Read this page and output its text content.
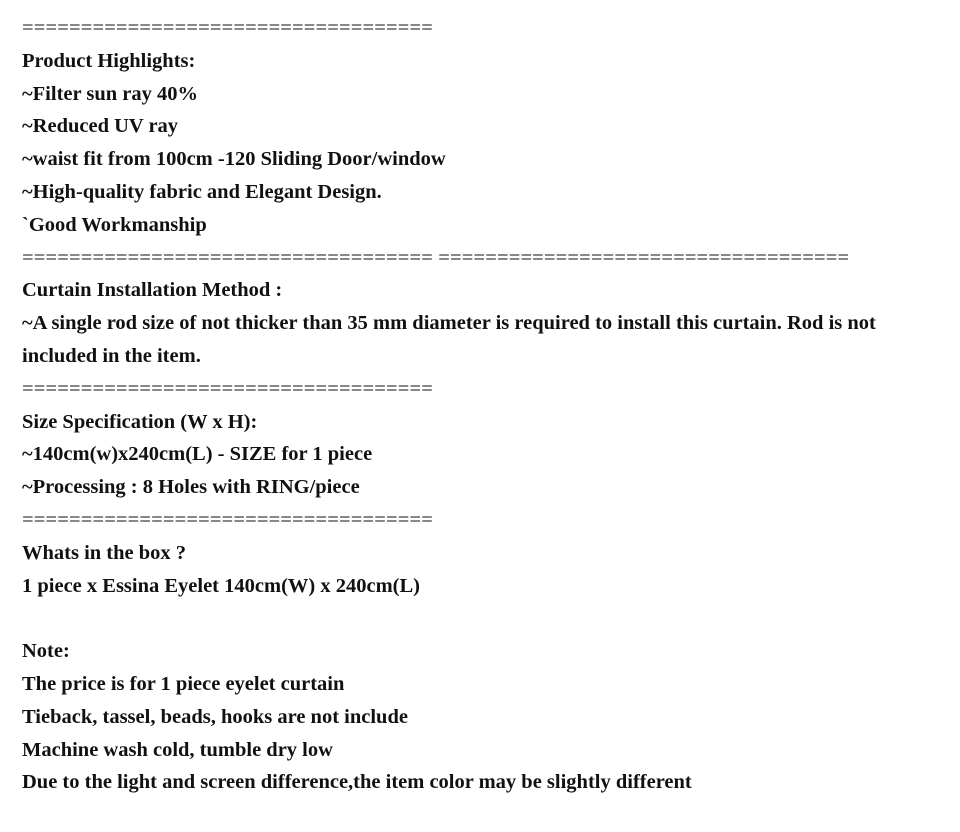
===================================
Product Highlights:
~Filter sun ray 40%
~Reduced UV ray
~waist fit from 100cm -120 Sliding Door/window
~High-quality fabric and Elegant Design.
`Good Workmanship
=================================== ===================================
Curtain Installation Method :
~A single rod size of not thicker than 35 mm diameter is required to install this curtain. Rod is not included in the item.
===================================
Size Specification (W x H):
~140cm(w)x240cm(L) - SIZE for 1 piece
~Processing : 8 Holes with RING/piece
===================================
Whats in the box ?
1 piece x Essina Eyelet 140cm(W) x 240cm(L)
Note:
The price is for 1 piece eyelet curtain
Tieback, tassel, beads, hooks are not include
Machine wash cold, tumble dry low
Due to the light and screen difference,the item color may be slightly different
